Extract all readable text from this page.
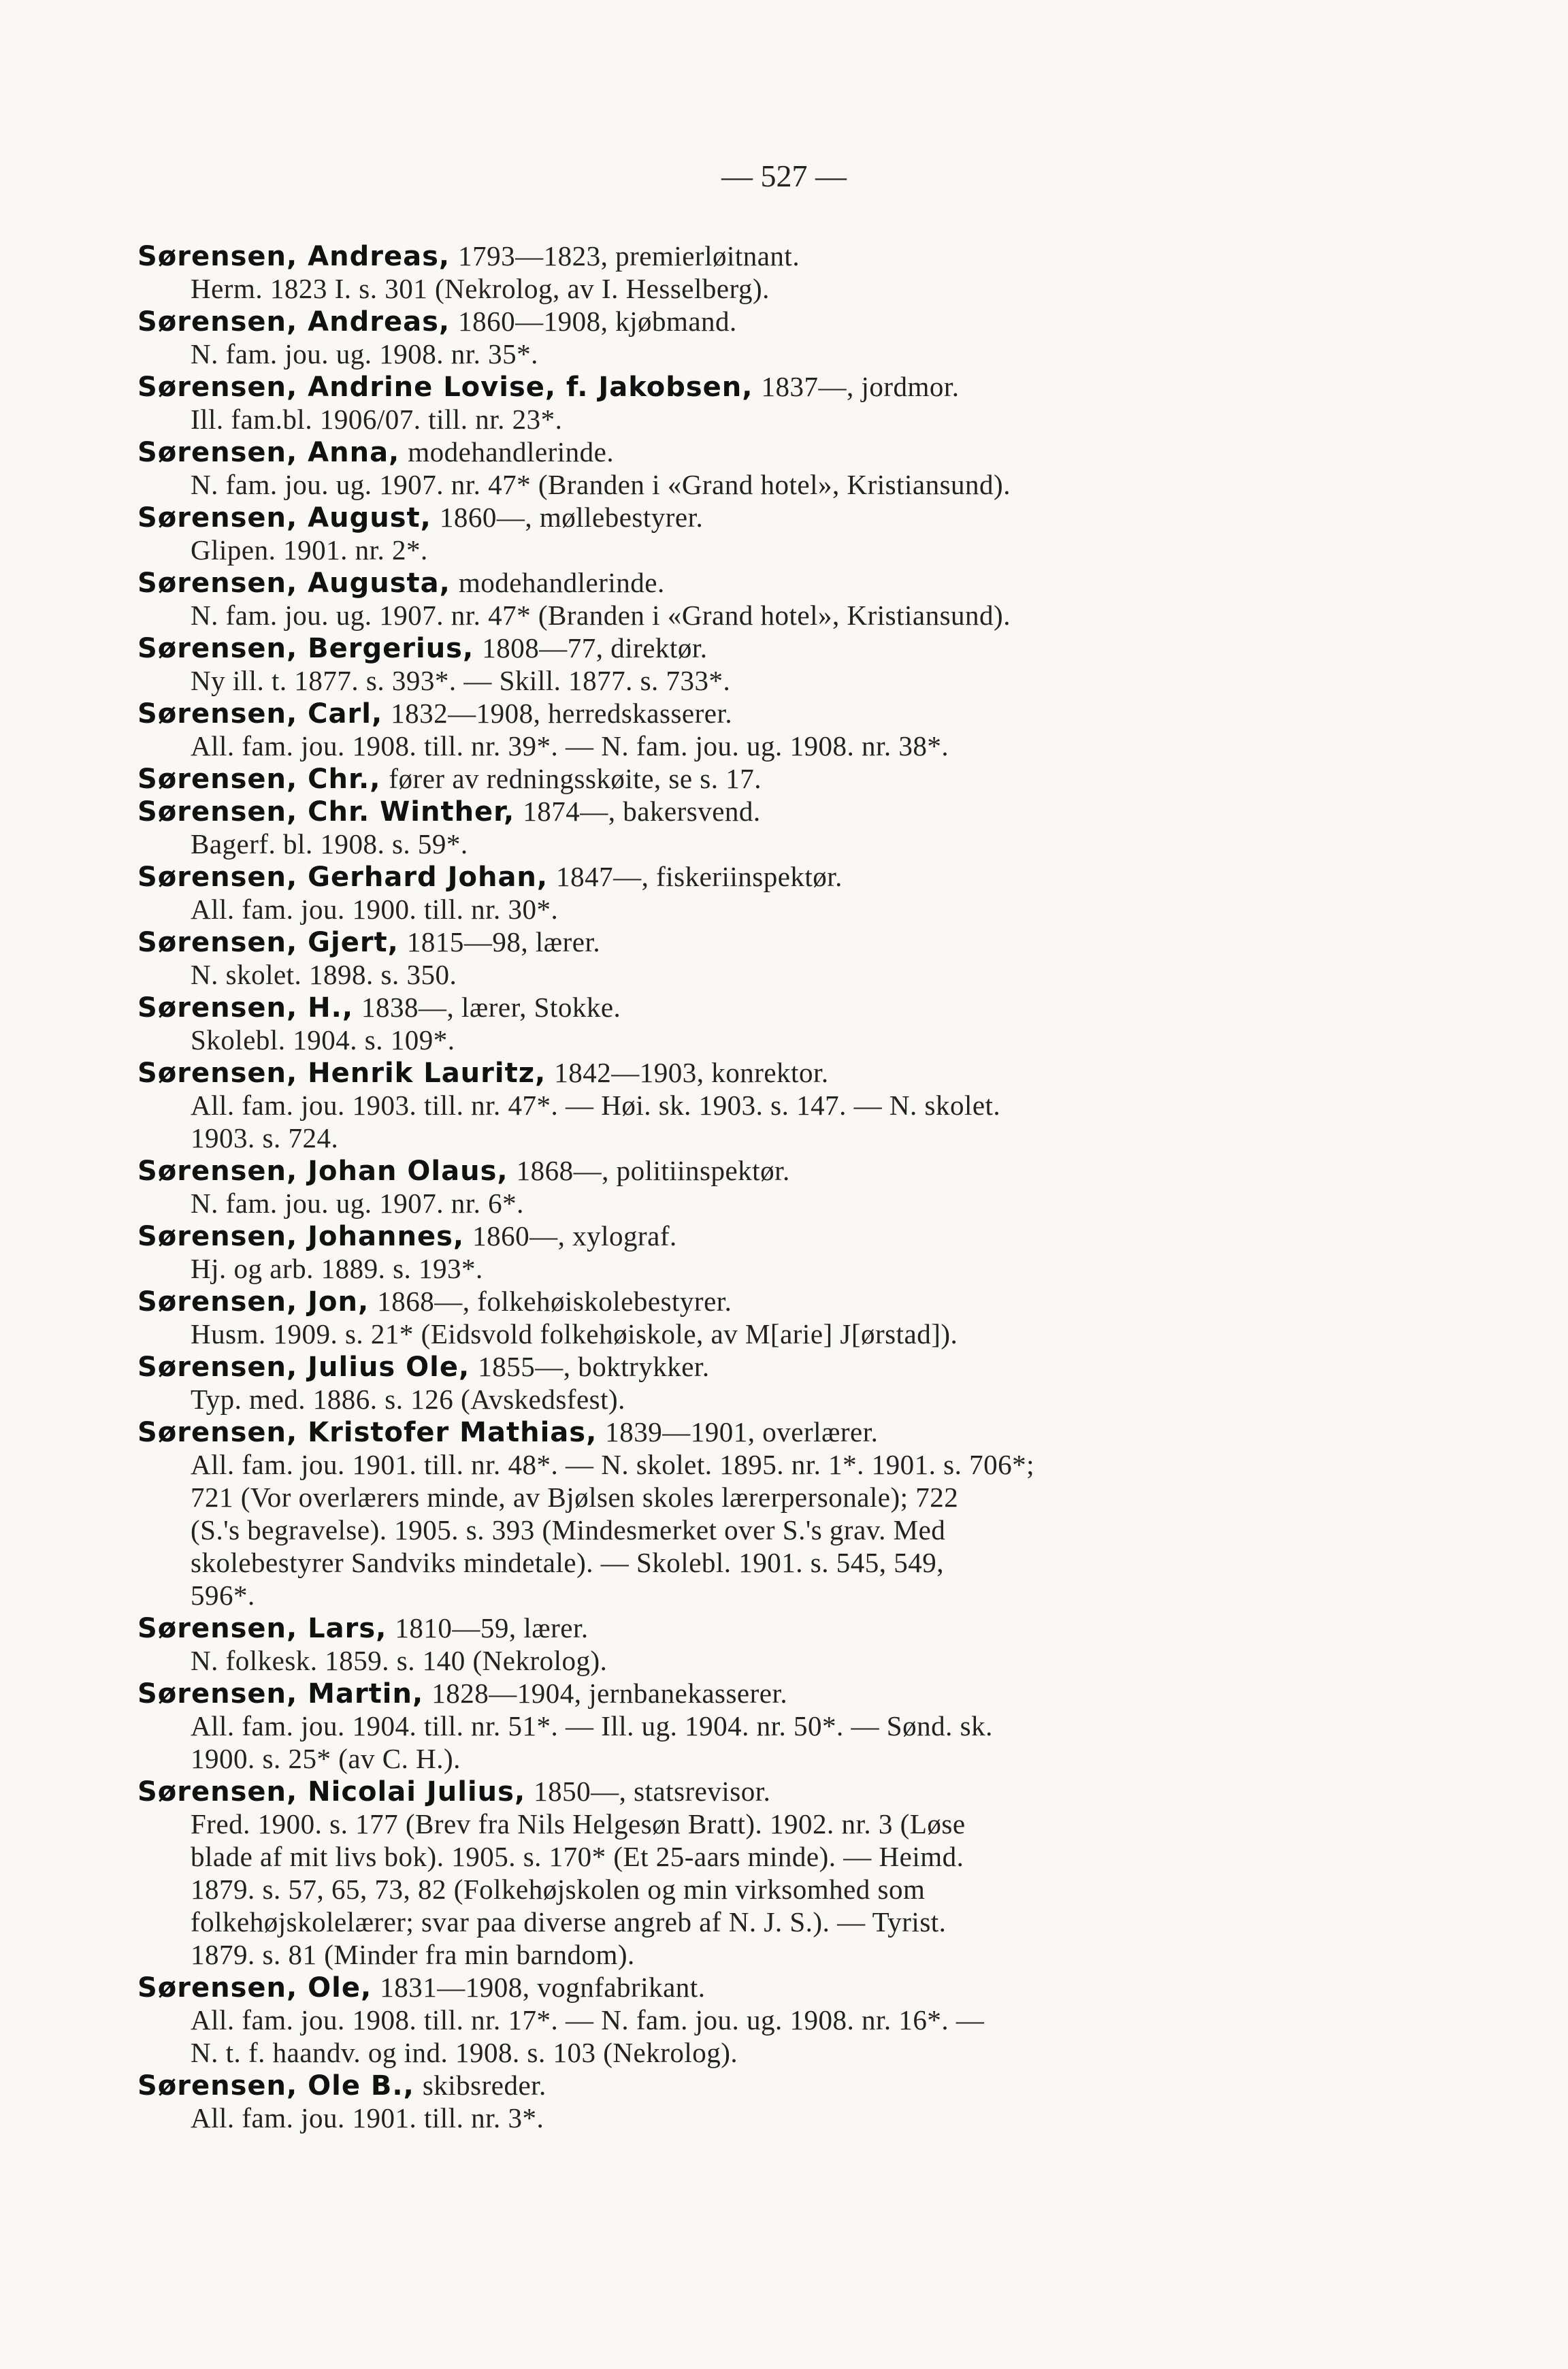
— 527 —
Sørensen, Andreas, 1793—1823, premierløitnant.
Herm. 1823 I. s. 301 (Nekrolog, av I. Hesselberg).
Sørensen, Andreas, 1860—1908, kjøbmand.
N. fam. jou. ug. 1908. nr. 35*.
Sørensen, Andrine Lovise, f. Jakobsen, 1837—, jordmor.
Ill. fam.bl. 1906/07. till. nr. 23*.
Sørensen, Anna, modehandlerinde.
N. fam. jou. ug. 1907. nr. 47* (Branden i «Grand hotel», Kristiansund).
Sørensen, August, 1860—, møllebestyrer.
Glipen. 1901. nr. 2*.
Sørensen, Augusta, modehandlerinde.
N. fam. jou. ug. 1907. nr. 47* (Branden i «Grand hotel», Kristiansund).
Sørensen, Bergerius, 1808—77, direktør.
Ny ill. t. 1877. s. 393*. — Skill. 1877. s. 733*.
Sørensen, Carl, 1832—1908, herredskasserer.
All. fam. jou. 1908. till. nr. 39*. — N. fam. jou. ug. 1908. nr. 38*.
Sørensen, Chr., fører av redningsskøite, se s. 17.
Sørensen, Chr. Winther, 1874—, bakersvend.
Bagerf. bl. 1908. s. 59*.
Sørensen, Gerhard Johan, 1847—, fiskeriinspektør.
All. fam. jou. 1900. till. nr. 30*.
Sørensen, Gjert, 1815—98, lærer.
N. skolet. 1898. s. 350.
Sørensen, H., 1838—, lærer, Stokke.
Skolebl. 1904. s. 109*.
Sørensen, Henrik Lauritz, 1842—1903, konrektor.
All. fam. jou. 1903. till. nr. 47*. — Høi. sk. 1903. s. 147. — N. skolet.
1903. s. 724.
Sørensen, Johan Olaus, 1868—, politiinspektør.
N. fam. jou. ug. 1907. nr. 6*.
Sørensen, Johannes, 1860—, xylograf.
Hj. og arb. 1889. s. 193*.
Sørensen, Jon, 1868—, folkehøiskolebestyrer.
Husm. 1909. s. 21* (Eidsvold folkehøiskole, av M[arie] J[ørstad]).
Sørensen, Julius Ole, 1855—, boktrykker.
Typ. med. 1886. s. 126 (Avskedsfest).
Sørensen, Kristofer Mathias, 1839—1901, overlærer.
All. fam. jou. 1901. till. nr. 48*. — N. skolet. 1895. nr. 1*. 1901. s. 706*;
721 (Vor overlærers minde, av Bjølsen skoles lærerpersonale); 722
(S.'s begravelse). 1905. s. 393 (Mindesmerket over S.'s grav. Med
skolebestyrer Sandviks mindetale). — Skolebl. 1901. s. 545, 549,
596*.
Sørensen, Lars, 1810—59, lærer.
N. folkesk. 1859. s. 140 (Nekrolog).
Sørensen, Martin, 1828—1904, jernbanekasserer.
All. fam. jou. 1904. till. nr. 51*. — Ill. ug. 1904. nr. 50*. — Sønd. sk.
1900. s. 25* (av C. H.).
Sørensen, Nicolai Julius, 1850—, statsrevisor.
Fred. 1900. s. 177 (Brev fra Nils Helgesøn Bratt). 1902. nr. 3 (Løse
blade af mit livs bok). 1905. s. 170* (Et 25-aars minde). — Heimd.
1879. s. 57, 65, 73, 82 (Folkehøjskolen og min virksomhed som
folkehøjskolelærer; svar paa diverse angreb af N. J. S.). — Tyrist.
1879. s. 81 (Minder fra min barndom).
Sørensen, Ole, 1831—1908, vognfabrikant.
All. fam. jou. 1908. till. nr. 17*. — N. fam. jou. ug. 1908. nr. 16*. —
N. t. f. haandv. og ind. 1908. s. 103 (Nekrolog).
Sørensen, Ole B., skibsreder.
All. fam. jou. 1901. till. nr. 3*.
